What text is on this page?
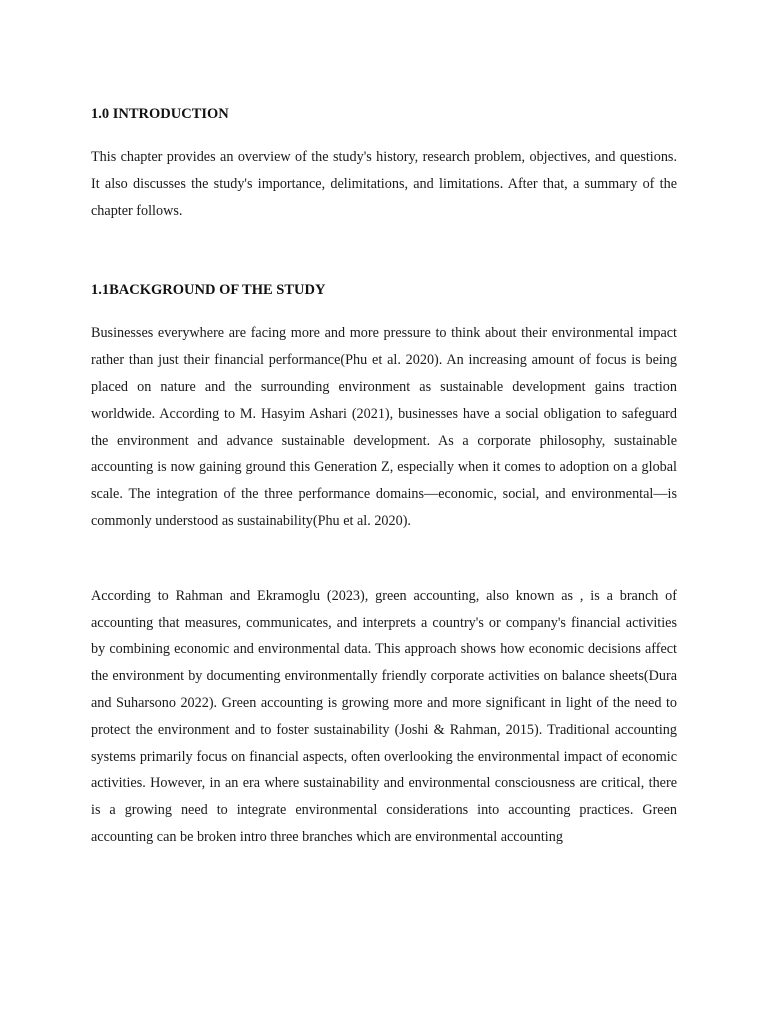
1.0 INTRODUCTION

This chapter provides an overview of the study's history, research problem, objectives, and questions. It also discusses the study's importance, delimitations, and limitations. After that, a summary of the chapter follows.

1.1BACKGROUND OF THE STUDY

Businesses everywhere are facing more and more pressure to think about their environmental impact rather than just their financial performance(Phu et al. 2020). An increasing amount of focus is being placed on nature and the surrounding environment as sustainable development gains traction worldwide. According to M. Hasyim Ashari (2021), businesses have a social obligation to safeguard the environment and advance sustainable development. As a corporate philosophy, sustainable accounting is now gaining ground this Generation Z, especially when it comes to adoption on a global scale. The integration of the three performance domains—economic, social, and environmental—is commonly understood as sustainability(Phu et al. 2020).

According to Rahman and Ekramoglu (2023), green accounting, also known as , is a branch of accounting that measures, communicates, and interprets a country's or company's financial activities by combining economic and environmental data. This approach shows how economic decisions affect the environment by documenting environmentally friendly corporate activities on balance sheets(Dura and Suharsono 2022). Green accounting is growing more and more significant in light of the need to protect the environment and to foster sustainability (Joshi & Rahman, 2015). Traditional accounting systems primarily focus on financial aspects, often overlooking the environmental impact of economic activities. However, in an era where sustainability and environmental consciousness are critical, there is a growing need to integrate environmental considerations into accounting practices. Green accounting can be broken intro three branches which are environmental accounting
